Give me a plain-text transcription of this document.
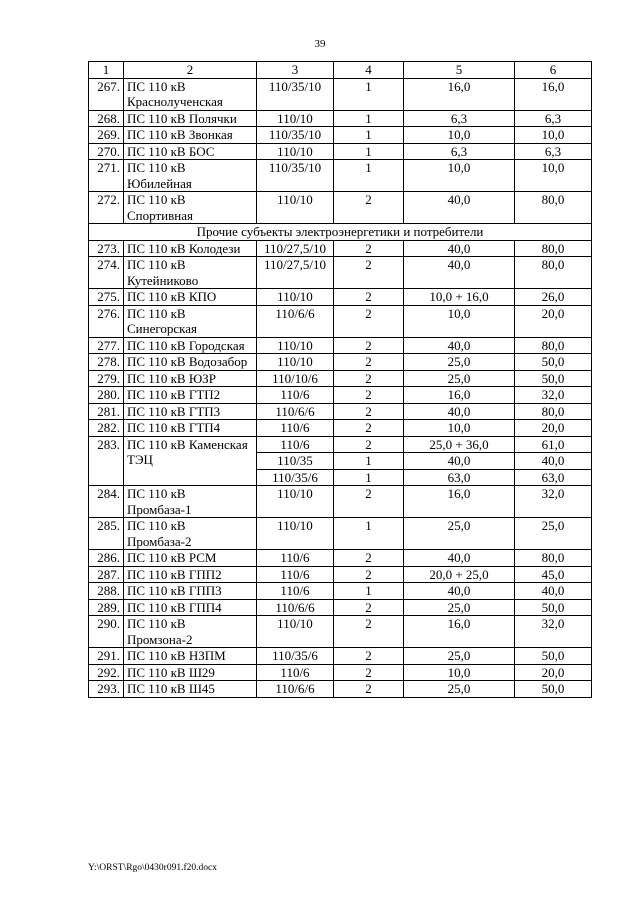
39
1	2	3	4	5	6
267.	ПС 110 кВ Краснолученская	110/35/10	1	16,0	16,0
268.	ПС 110 кВ Полячки	110/10	1	6,3	6,3
269.	ПС 110 кВ Звонкая	110/35/10	1	10,0	10,0
270.	ПС 110 кВ БОС	110/10	1	6,3	6,3
271.	ПС 110 кВ Юбилейная	110/35/10	1	10,0	10,0
272.	ПС 110 кВ Спортивная	110/10	2	40,0	80,0
Прочие субъекты электроэнергетики и потребители					
273.	ПС 110 кВ Колодези	110/27,5/10	2	40,0	80,0
274.	ПС 110 кВ Кутейниково	110/27,5/10	2	40,0	80,0
275.	ПС 110 кВ КПО	110/10	2	10,0 + 16,0	26,0
276.	ПС 110 кВ Синегорская	110/6/6	2	10,0	20,0
277.	ПС 110 кВ Городская	110/10	2	40,0	80,0
278.	ПС 110 кВ Водозабор	110/10	2	25,0	50,0
279.	ПС 110 кВ ЮЗР	110/10/6	2	25,0	50,0
280.	ПС 110 кВ ГТП2	110/6	2	16,0	32,0
281.	ПС 110 кВ ГТП3	110/6/6	2	40,0	80,0
282.	ПС 110 кВ ГТП4	110/6	2	10,0	20,0
283.	ПС 110 кВ Каменская ТЭЦ	110/6	2	25,0 + 36,0	61,0
		110/35	1	40,0	40,0
		110/35/6	1	63,0	63,0
284.	ПС 110 кВ Промбаза-1	110/10	2	16,0	32,0
285.	ПС 110 кВ Промбаза-2	110/10	1	25,0	25,0
286.	ПС 110 кВ РСМ	110/6	2	40,0	80,0
287.	ПС 110 кВ ГПП2	110/6	2	20,0 + 25,0	45,0
288.	ПС 110 кВ ГПП3	110/6	1	40,0	40,0
289.	ПС 110 кВ ГПП4	110/6/6	2	25,0	50,0
290.	ПС 110 кВ Промзона-2	110/10	2	16,0	32,0
291.	ПС 110 кВ НЗПМ	110/35/6	2	25,0	50,0
292.	ПС 110 кВ Ш29	110/6	2	10,0	20,0
293.	ПС 110 кВ Ш45	110/6/6	2	25,0	50,0
Y:\ORST\Rgo\0430r091.f20.docx
